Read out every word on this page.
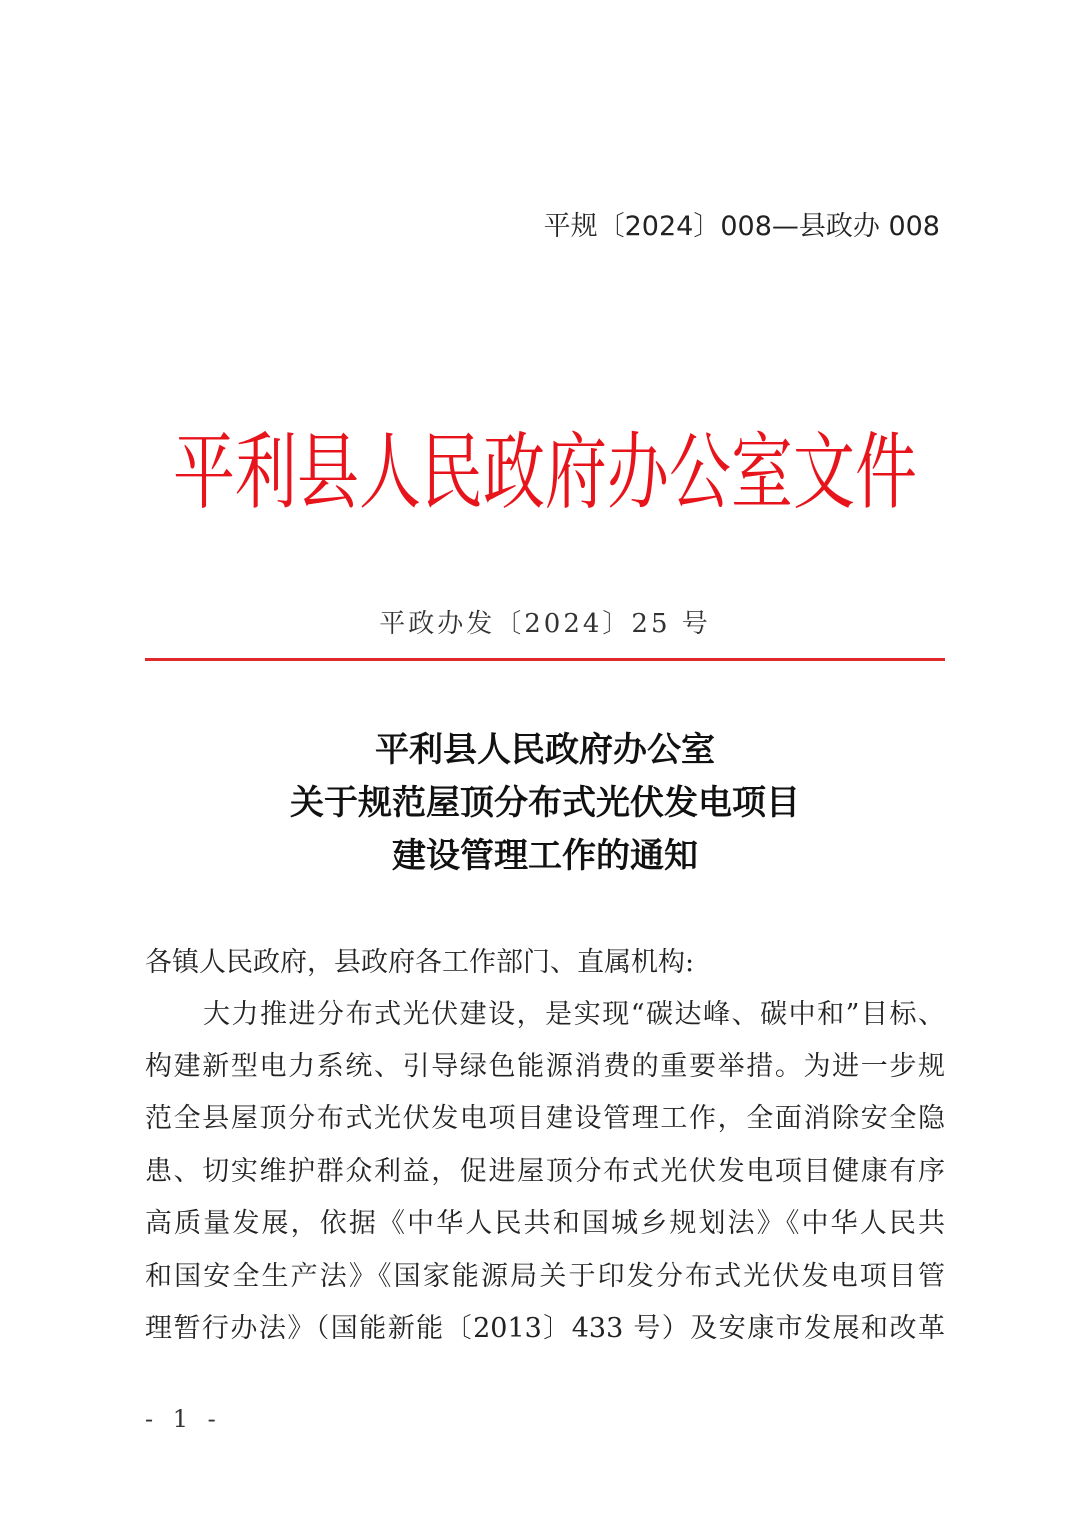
平规〔2024〕008—县政办 008
平利县人民政府办公室文件
平政办发〔2024〕25 号
平利县人民政府办公室
关于规范屋顶分布式光伏发电项目
建设管理工作的通知
各镇人民政府，县政府各工作部门、直属机构:
大力推进分布式光伏建设，是实现“碳达峰、碳中和”目标、
构建新型电力系统、引导绿色能源消费的重要举措。为进一步规
范全县屋顶分布式光伏发电项目建设管理工作，全面消除安全隐
患、切实维护群众利益，促进屋顶分布式光伏发电项目健康有序
高质量发展，依据《中华人民共和国城乡规划法》《中华人民共
和国安全生产法》《国家能源局关于印发分布式光伏发电项目管
理暂行办法》（国能新能〔2013〕433 号）及安康市发展和改革
- 1 -
